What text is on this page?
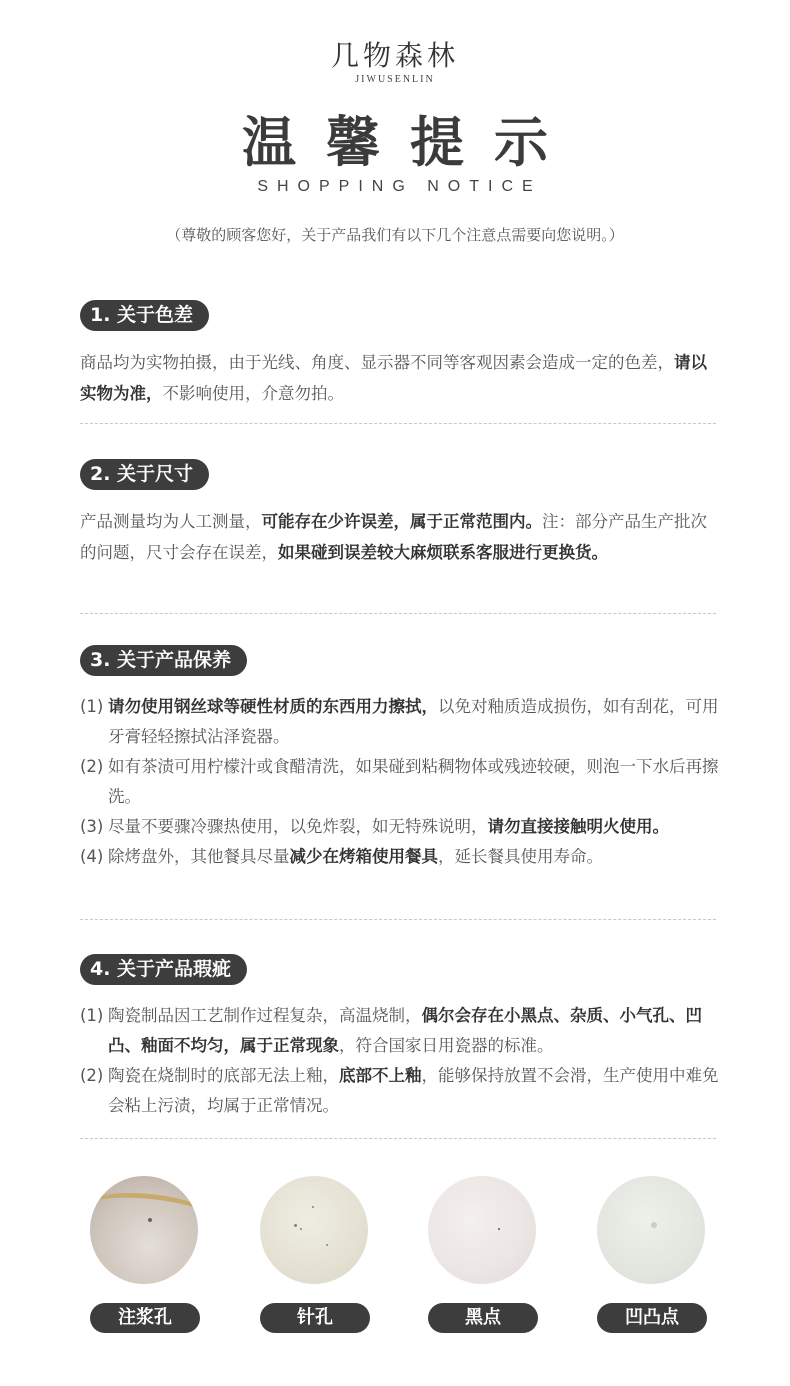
几物森林
JIWUSENLIN
温馨提示
SHOPPING NOTICE
（尊敬的顾客您好，关于产品我们有以下几个注意点需要向您说明。）
1. 关于色差
商品均为实物拍摄，由于光线、角度、显示器不同等客观因素会造成一定的色差，请以实物为准，不影响使用，介意勿拍。
2. 关于尺寸
产品测量均为人工测量，可能存在少许误差，属于正常范围内。注：部分产品生产批次的问题，尺寸会存在误差，如果碰到误差较大麻烦联系客服进行更换货。
3. 关于产品保养
(1) 请勿使用钢丝球等硬性材质的东西用力擦拭，以免对釉质造成损伤，如有刮花，可用牙膏轻轻擦拭沾泽瓷器。
(2) 如有茶渍可用柠檬汁或食醋清洗，如果碰到粘稠物体或残迹较硬，则泡一下水后再擦洗。
(3) 尽量不要骤冷骤热使用，以免炸裂，如无特殊说明，请勿直接接触明火使用。
(4) 除烤盘外，其他餐具尽量减少在烤箱使用餐具，延长餐具使用寿命。
4. 关于产品瑕疵
(1) 陶瓷制品因工艺制作过程复杂，高温烧制，偶尔会存在小黑点、杂质、小气孔、凹凸、釉面不均匀，属于正常现象，符合国家日用瓷器的标准。
(2) 陶瓷在烧制时的底部无法上釉，底部不上釉，能够保持放置不会滑，生产使用中难免会粘上污渍，均属于正常情况。
注浆孔	针孔	黑点	凹凸点
